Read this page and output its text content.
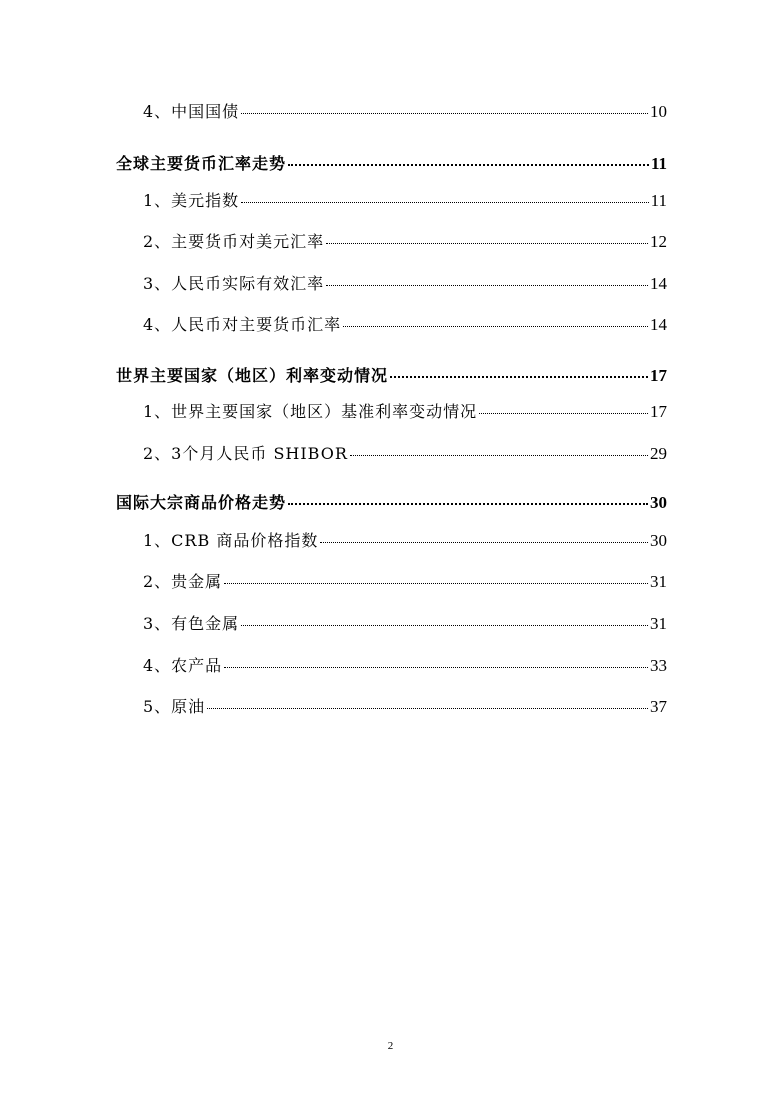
4、中国国债	10
全球主要货币汇率走势	11
1、美元指数	11
2、主要货币对美元汇率	12
3、人民币实际有效汇率	14
4、人民币对主要货币汇率	14
世界主要国家（地区）利率变动情况	17
1、世界主要国家（地区）基准利率变动情况	17
2、3个月人民币 SHIBOR	29
国际大宗商品价格走势	30
1、CRB 商品价格指数	30
2、贵金属	31
3、有色金属	31
4、农产品	33
5、原油	37
2
